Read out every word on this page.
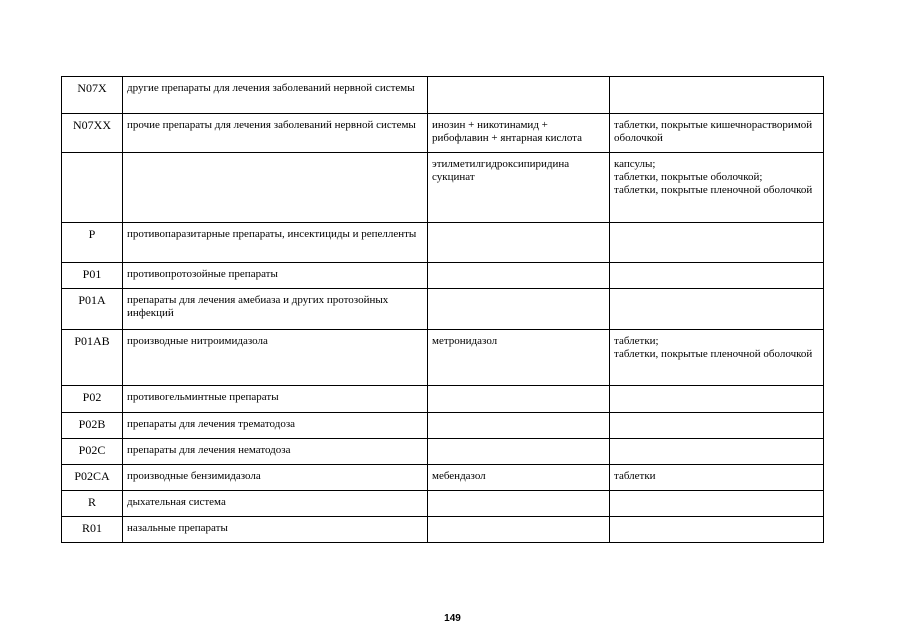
N07X	другие препараты для лечения заболеваний нервной системы		
N07XX	прочие препараты для лечения заболеваний нервной системы	инозин + никотинамид + рибофлавин + янтарная кислота	таблетки, покрытые кишечнорастворимой оболочкой
		этилметилгидроксипиридина сукцинат	капсулы;
таблетки, покрытые оболочкой;
таблетки, покрытые пленочной оболочкой
P	противопаразитарные препараты, инсектициды и репелленты		
P01	противопротозойные препараты		
P01A	препараты для лечения амебиаза и других протозойных инфекций		
P01AB	производные нитроимидазола	метронидазол	таблетки;
таблетки, покрытые пленочной оболочкой
P02	противогельминтные препараты		
P02B	препараты для лечения трематодоза		
P02C	препараты для лечения нематодоза		
P02CA	производные бензимидазола	мебендазол	таблетки
R	дыхательная система		
R01	назальные препараты		
149
